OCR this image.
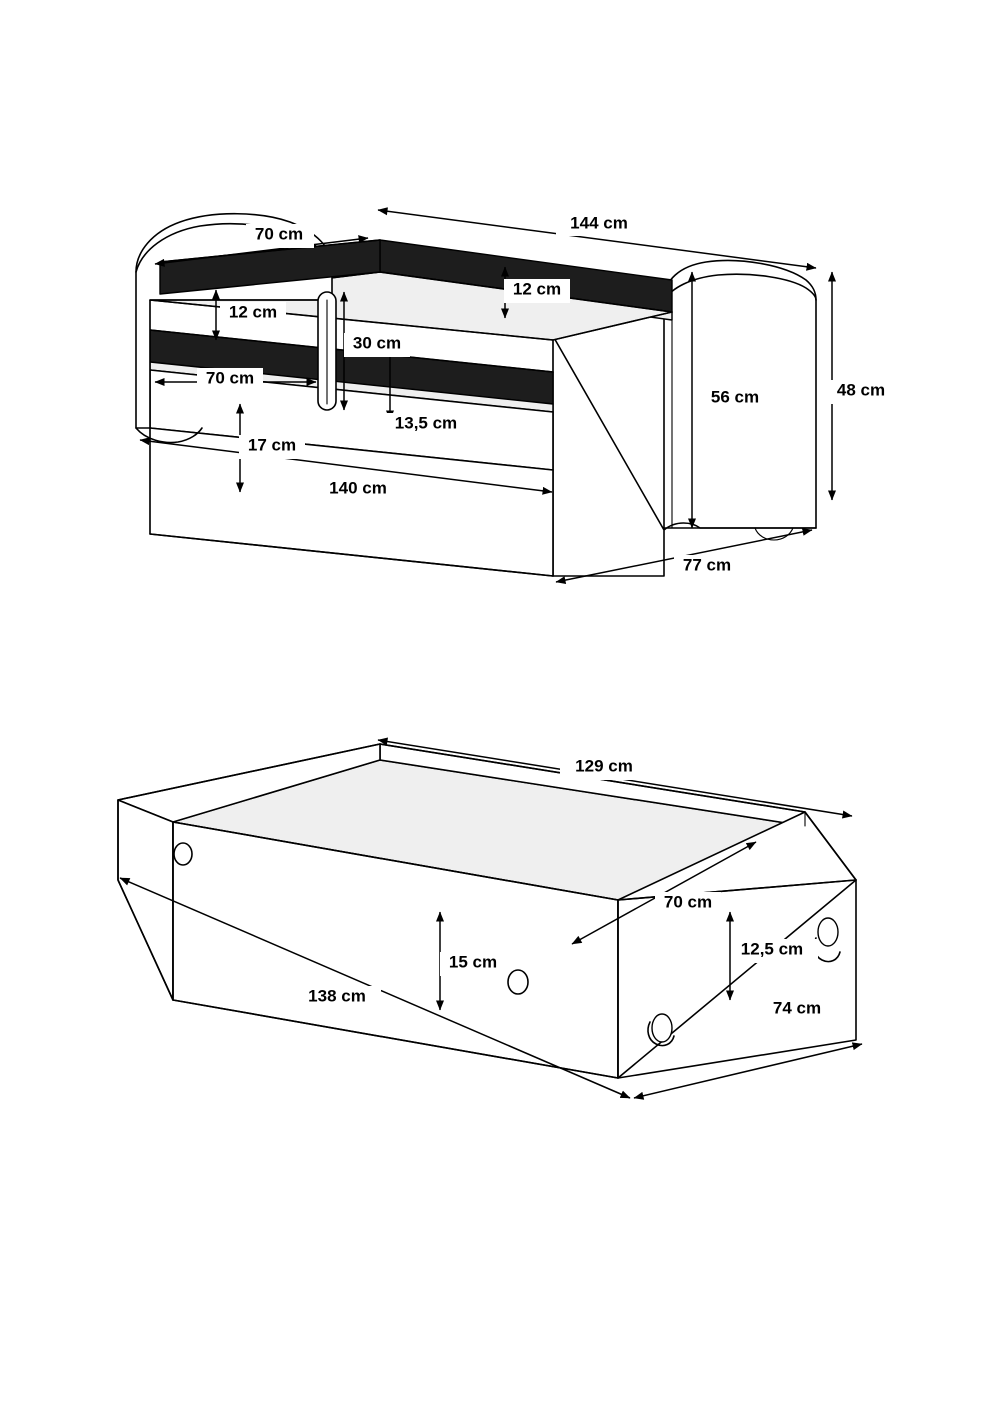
144 cm
70 cm
12 cm
12 cm
30 cm
70 cm
56 cm	48 cm
13,5 cm
17 cm
140 cm
77 cm
129 cm
70 cm
12,5 cm
15 cm
138 cm
74 cm
